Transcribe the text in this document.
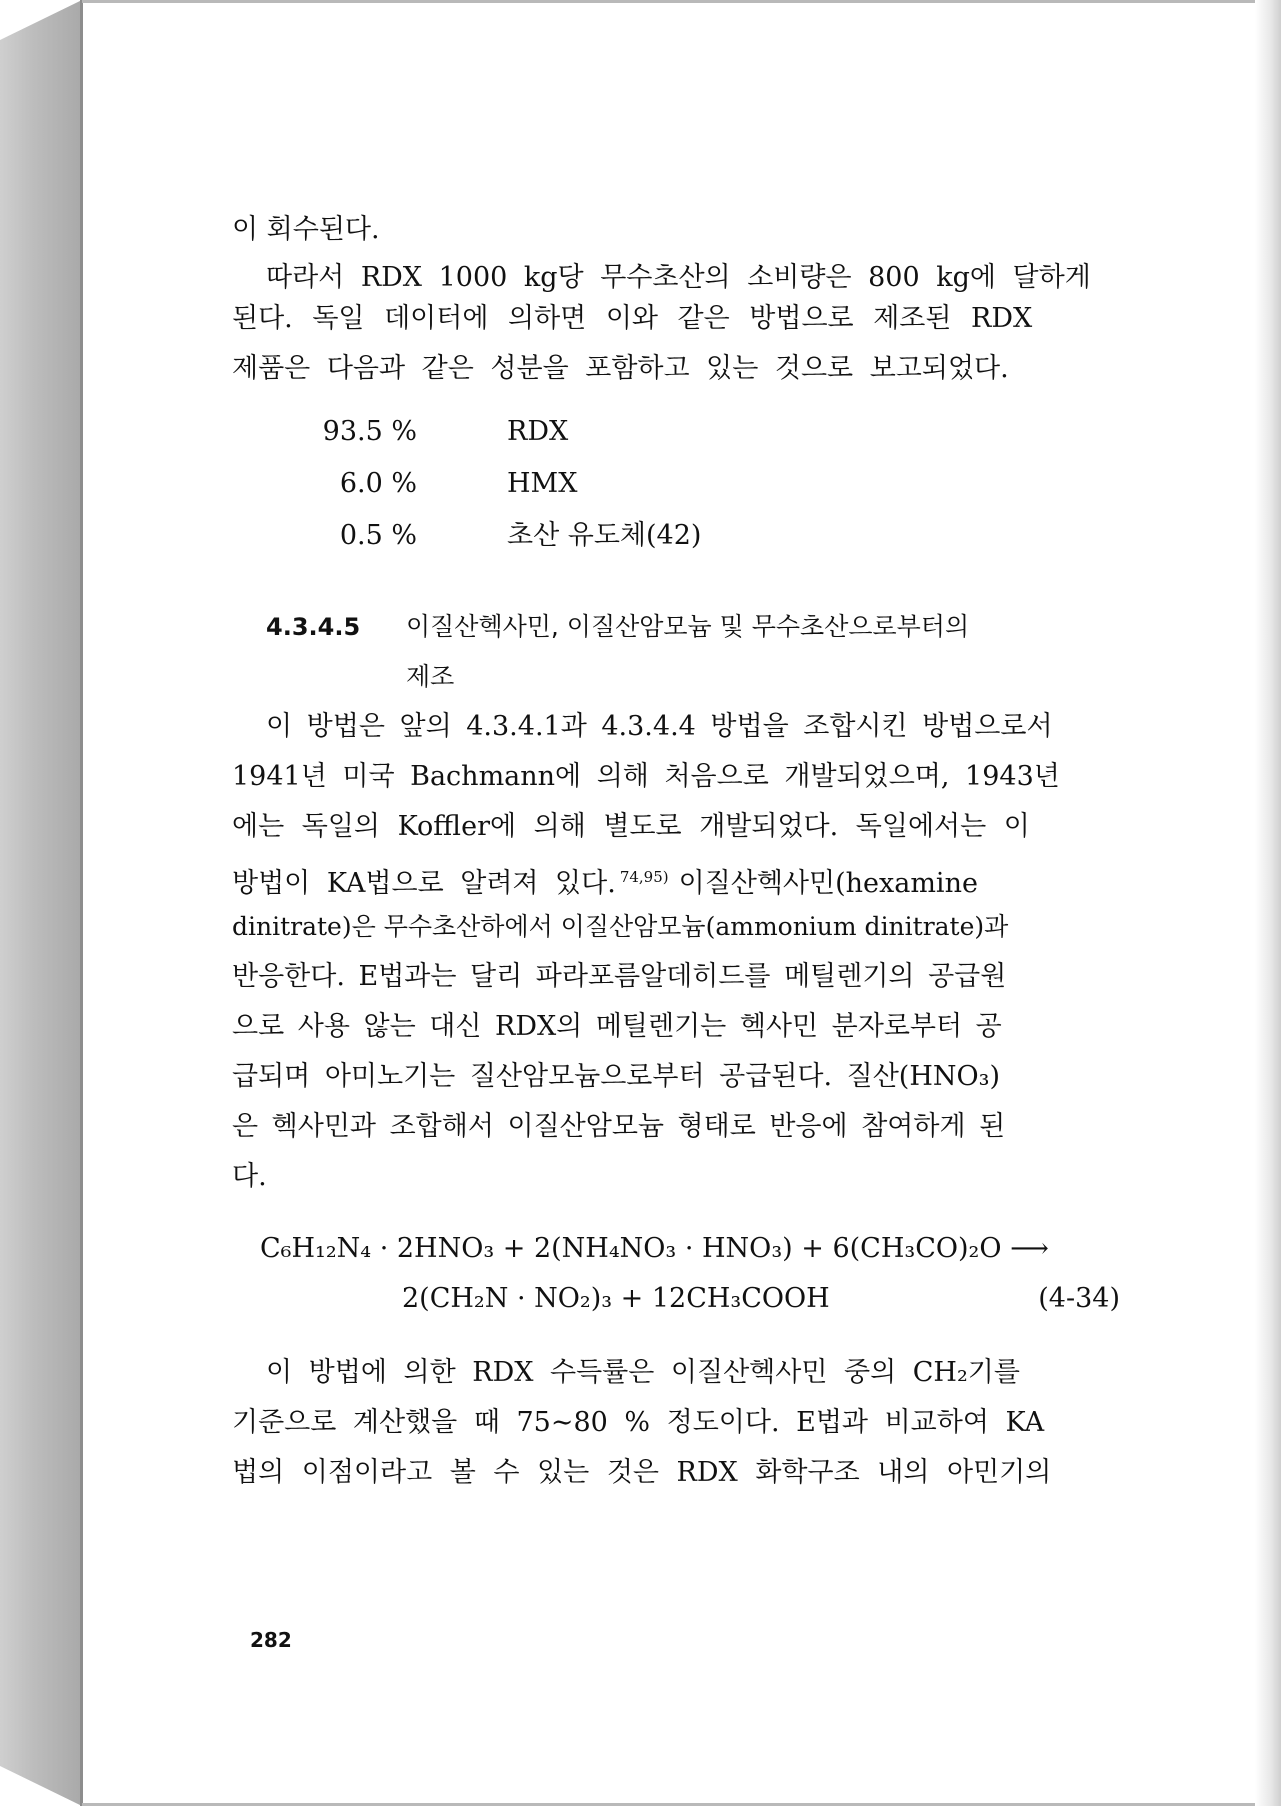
이 회수된다.

따라서 RDX 1000 kg당 무수초산의 소비량은 800 kg에 달하게
된다. 독일 데이터에 의하면 이와 같은 방법으로 제조된 RDX
제품은 다음과 같은 성분을 포함하고 있는 것으로 보고되었다.
93.5 %	RDX
6.0 %	HMX
0.5 %	초산 유도체(42)
4.3.4.5	이질산헥사민, 이질산암모늄 및 무수초산으로부터의
제조
이 방법은 앞의 4.3.4.1과 4.3.4.4 방법을 조합시킨 방법으로서
1941년 미국 Bachmann에 의해 처음으로 개발되었으며, 1943년
에는 독일의 Koffler에 의해 별도로 개발되었다. 독일에서는 이
방법이 KA법으로 알려져 있다. $^{74,95)}$ 이질산헥사민(hexamine
dinitrate)은 무수초산하에서 이질산암모늄(ammonium dinitrate)과
반응한다. E법과는 달리 파라포름알데히드를 메틸렌기의 공급원
으로 사용 않는 대신 RDX의 메틸렌기는 헥사민 분자로부터 공
급되며 아미노기는 질산암모늄으로부터 공급된다. 질산(HNO₃)
은 헥사민과 조합해서 이질산암모늄 형태로 반응에 참여하게 된
다.
C₆H₁₂N₄ · 2HNO₃ + 2(NH₄NO₃ · HNO₃) + 6(CH₃CO)₂O ⟶
2(CH₂N · NO₂)₃ + 12CH₃COOH	(4-34)
이 방법에 의한 RDX 수득률은 이질산헥사민 중의 CH₂기를
기준으로 계산했을 때 75∼80 % 정도이다. E법과 비교하여 KA
법의 이점이라고 볼 수 있는 것은 RDX 화학구조 내의 아민기의
282
